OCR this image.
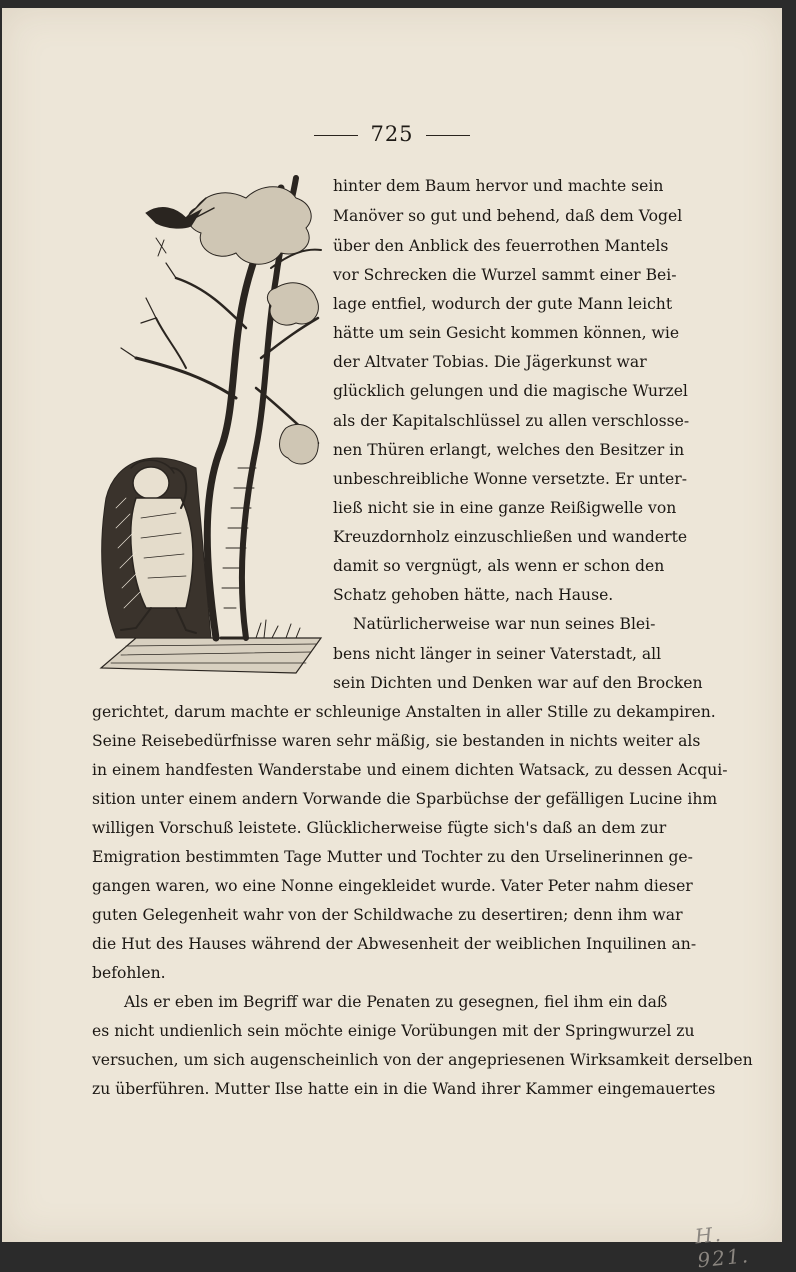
725
hinter dem Baum hervor und machte sein
Manöver so gut und behend, daß dem Vogel
über den Anblick des feuerrothen Mantels
vor Schrecken die Wurzel sammt einer Bei-
lage entfiel, wodurch der gute Mann leicht
hätte um sein Gesicht kommen können, wie
der Altvater Tobias. Die Jägerkunst war
glücklich gelungen und die magische Wurzel
als der Kapitalschlüssel zu allen verschlosse-
nen Thüren erlangt, welches den Besitzer in
unbeschreibliche Wonne versetzte. Er unter-
ließ nicht sie in eine ganze Reißigwelle von
Kreuzdornholz einzuschließen und wanderte
damit so vergnügt, als wenn er schon den
Schatz gehoben hätte, nach Hause.
Natürlicherweise war nun seines Blei-
bens nicht länger in seiner Vaterstadt, all
sein Dichten und Denken war auf den Brocken
gerichtet, darum machte er schleunige Anstalten in aller Stille zu dekampiren.
Seine Reisebedürfnisse waren sehr mäßig, sie bestanden in nichts weiter als
in einem handfesten Wanderstabe und einem dichten Watsack, zu dessen Acqui-
sition unter einem andern Vorwande die Sparbüchse der gefälligen Lucine ihm
willigen Vorschuß leistete. Glücklicherweise fügte sich's daß an dem zur
Emigration bestimmten Tage Mutter und Tochter zu den Urselinerinnen ge-
gangen waren, wo eine Nonne eingekleidet wurde. Vater Peter nahm dieser
guten Gelegenheit wahr von der Schildwache zu desertiren; denn ihm war
die Hut des Hauses während der Abwesenheit der weiblichen Inquilinen an-
befohlen.
Als er eben im Begriff war die Penaten zu gesegnen, fiel ihm ein daß
es nicht undienlich sein möchte einige Vorübungen mit der Springwurzel zu
versuchen, um sich augenscheinlich von der angepriesenen Wirksamkeit derselben
zu überführen. Mutter Ilse hatte ein in die Wand ihrer Kammer eingemauertes
H. 921.
